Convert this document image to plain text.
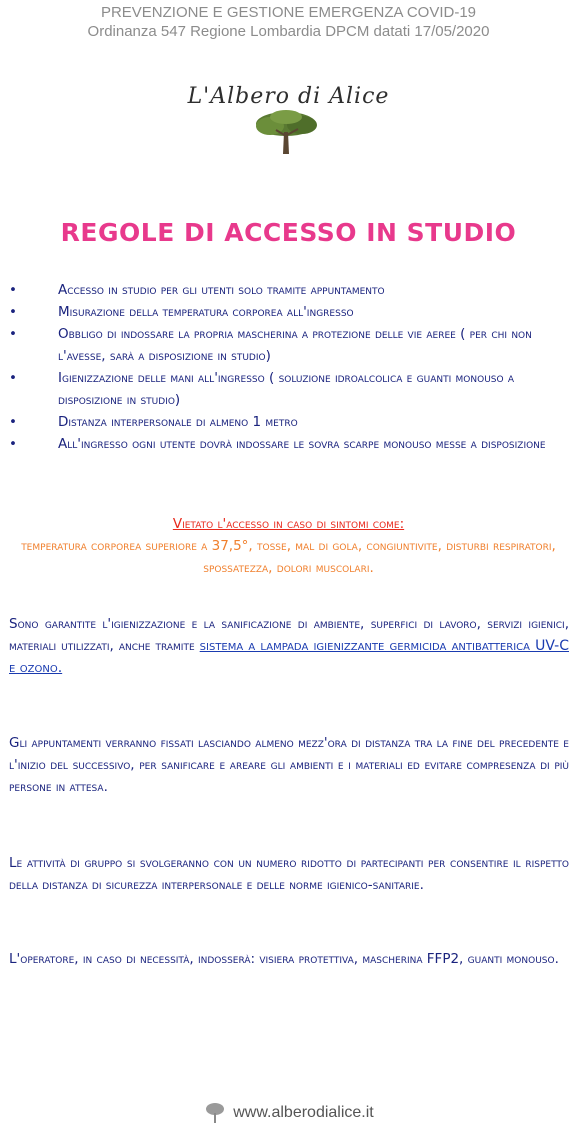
PREVENZIONE E GESTIONE EMERGENZA COVID-19
Ordinanza 547 Regione Lombardia DPCM datati 17/05/2020
L'Albero di Alice
REGOLE DI ACCESSO IN STUDIO
•	Accesso in studio per gli utenti solo tramite appuntamento
•	Misurazione della temperatura corporea all'ingresso
•	Obbligo di indossare la propria mascherina a protezione delle vie aeree ( per chi non l'avesse, sarà a disposizione in studio)
•	Igienizzazione delle mani all'ingresso ( soluzione idroalcolica e guanti monouso a disposizione in studio)
•	Distanza interpersonale di almeno 1 metro
•	All'ingresso ogni utente dovrà indossare le sovra scarpe monouso messe a disposizione
Vietato l'accesso in caso di sintomi come:
temperatura corporea superiore a 37,5°, tosse, mal di gola, congiuntivite, disturbi respiratori, spossatezza, dolori muscolari.
Sono garantite l'igienizzazione e la sanificazione di ambiente, superfici di lavoro, servizi igienici, materiali utilizzati, anche tramite sistema a lampada igienizzante germicida antibatterica UV-C e ozono.
Gli appuntamenti verranno fissati lasciando almeno mezz'ora di distanza tra la fine del precedente e l'inizio del successivo, per sanificare e areare gli ambienti e i materiali ed evitare compresenza di più persone in attesa.
Le attività di gruppo si svolgeranno con un numero ridotto di partecipanti per consentire il rispetto della distanza di sicurezza interpersonale e delle norme igienico-sanitarie.
L'operatore, in caso di necessità, indosserà: visiera protettiva, mascherina FFP2, guanti monouso.
www.alberodialice.it
